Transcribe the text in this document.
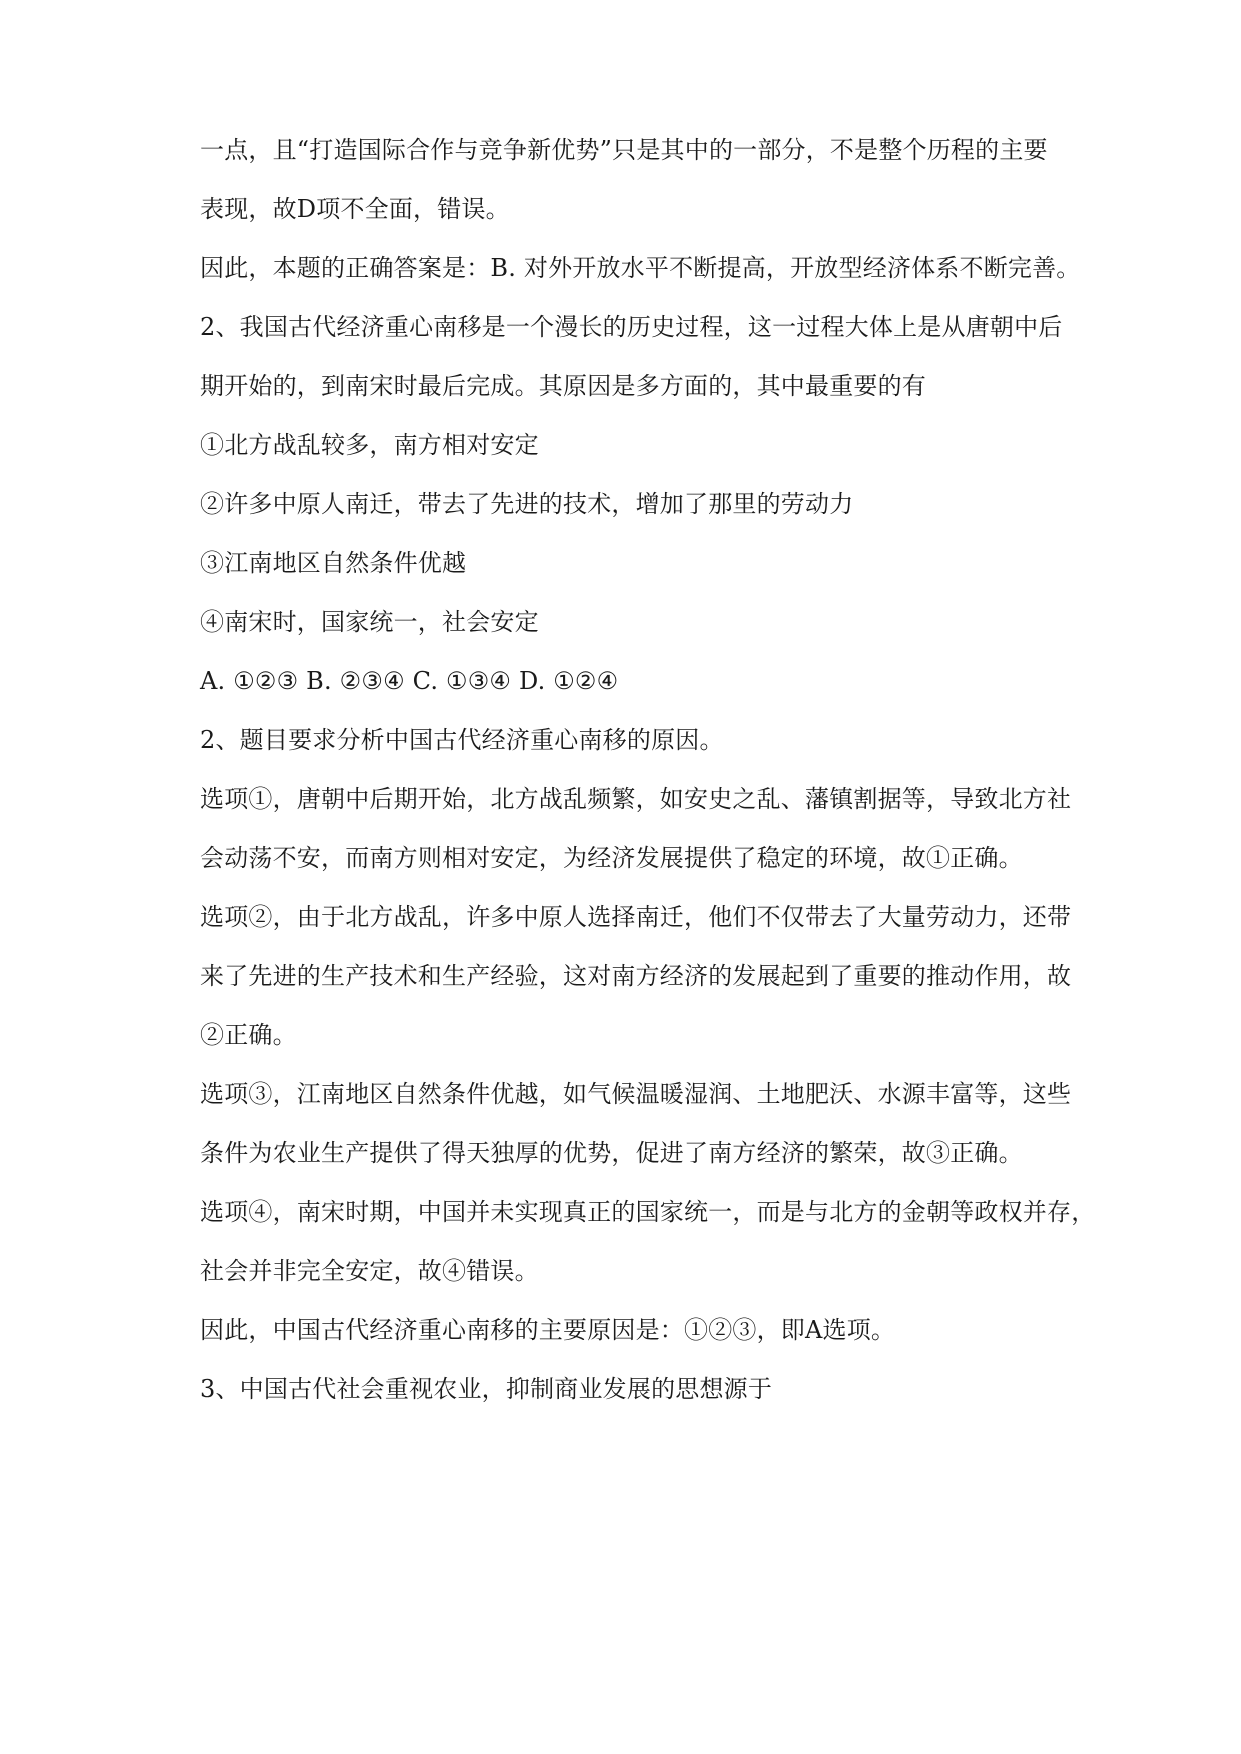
一点，且“打造国际合作与竞争新优势”只是其中的一部分，不是整个历程的主要
表现，故D项不全面，错误。
因此，本题的正确答案是：B. 对外开放水平不断提高，开放型经济体系不断完善。
2、我国古代经济重心南移是一个漫长的历史过程，这一过程大体上是从唐朝中后
期开始的，到南宋时最后完成。其原因是多方面的，其中最重要的有
①北方战乱较多，南方相对安定
②许多中原人南迁，带去了先进的技术，增加了那里的劳动力
③江南地区自然条件优越
④南宋时，国家统一，社会安定
A. ①②③ B. ②③④ C. ①③④ D. ①②④
2、题目要求分析中国古代经济重心南移的原因。
选项①，唐朝中后期开始，北方战乱频繁，如安史之乱、藩镇割据等，导致北方社
会动荡不安，而南方则相对安定，为经济发展提供了稳定的环境，故①正确。
选项②，由于北方战乱，许多中原人选择南迁，他们不仅带去了大量劳动力，还带
来了先进的生产技术和生产经验，这对南方经济的发展起到了重要的推动作用，故
②正确。
选项③，江南地区自然条件优越，如气候温暖湿润、土地肥沃、水源丰富等，这些
条件为农业生产提供了得天独厚的优势，促进了南方经济的繁荣，故③正确。
选项④，南宋时期，中国并未实现真正的国家统一，而是与北方的金朝等政权并存，
社会并非完全安定，故④错误。
因此，中国古代经济重心南移的主要原因是：①②③，即A选项。
3、中国古代社会重视农业，抑制商业发展的思想源于
